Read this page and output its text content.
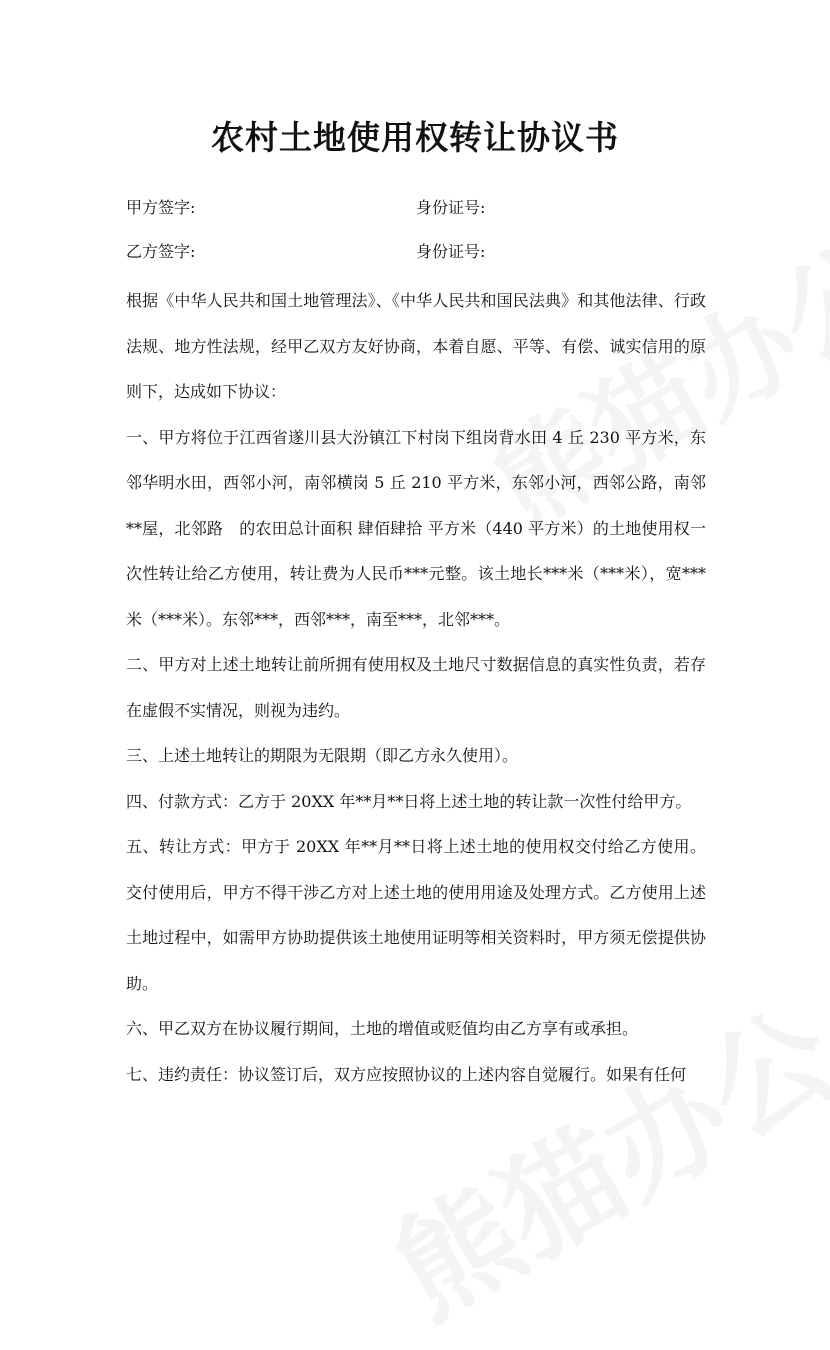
农村土地使用权转让协议书
甲方签字:	身份证号:
乙方签字:	身份证号:

根据《中华人民共和国土地管理法》、《中华人民共和国民法典》和其他法律、行政法规、地方性法规，经甲乙双方友好协商，本着自愿、平等、有偿、诚实信用的原则下，达成如下协议：

一、甲方将位于江西省遂川县大汾镇江下村岗下组岗背水田 4 丘 230 平方米，东邻华明水田，西邻小河，南邻横岗 5 丘 210 平方米，东邻小河，西邻公路，南邻**屋，北邻路　的农田总计面积 肆佰肆拾 平方米（440 平方米）的土地使用权一次性转让给乙方使用，转让费为人民币***元整。该土地长***米（***米），宽***米（***米）。东邻***，西邻***，南至***，北邻***。

二、甲方对上述土地转让前所拥有使用权及土地尺寸数据信息的真实性负责，若存在虚假不实情况，则视为违约。

三、上述土地转让的期限为无限期（即乙方永久使用）。

四、付款方式：乙方于 20XX 年**月**日将上述土地的转让款一次性付给甲方。

五、转让方式：甲方于 20XX 年**月**日将上述土地的使用权交付给乙方使用。交付使用后，甲方不得干涉乙方对上述土地的使用用途及处理方式。乙方使用上述土地过程中，如需甲方协助提供该土地使用证明等相关资料时，甲方须无偿提供协助。

六、甲乙双方在协议履行期间，土地的增值或贬值均由乙方享有或承担。

七、违约责任：协议签订后，双方应按照协议的上述内容自觉履行。如果有任何
